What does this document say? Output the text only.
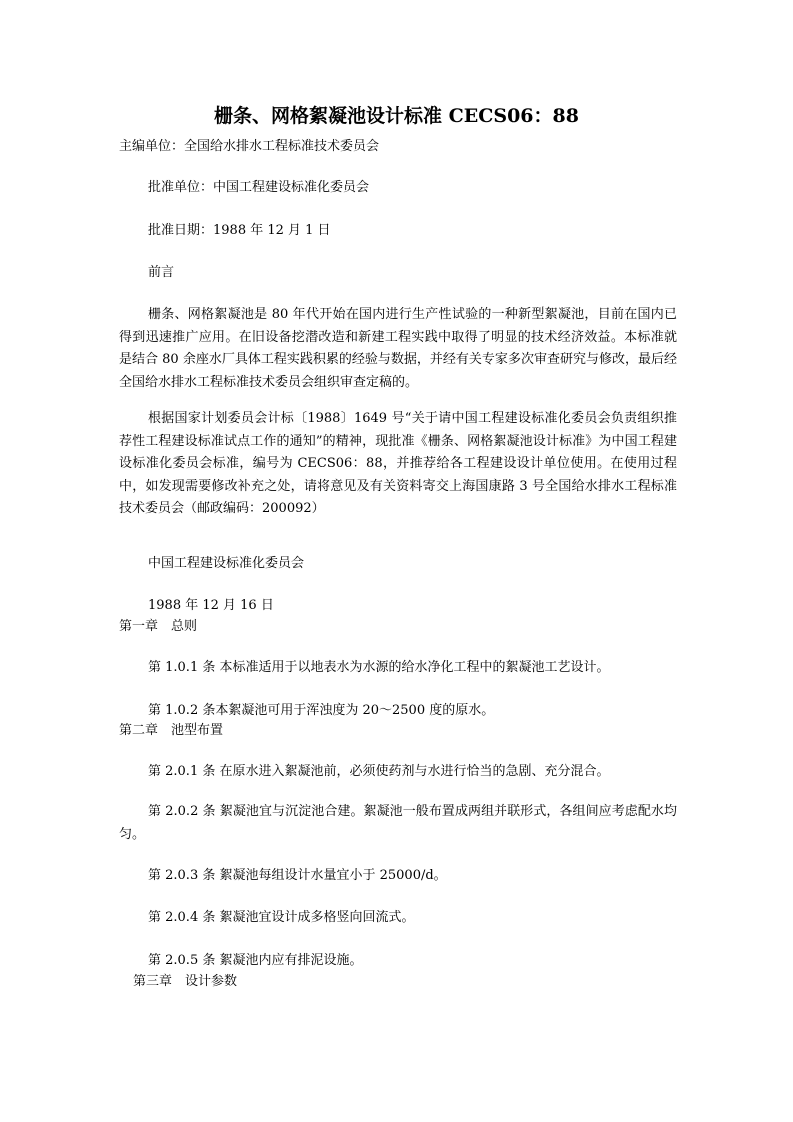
栅条、网格絮凝池设计标准 CECS06：88
主编单位：全国给水排水工程标准技术委员会
批准单位：中国工程建设标准化委员会
批准日期：1988 年 12 月 1 日
前言
栅条、网格絮凝池是 80 年代开始在国内进行生产性试验的一种新型絮凝池，目前在国内已得到迅速推广应用。在旧设备挖潜改造和新建工程实践中取得了明显的技术经济效益。本标准就是结合 80 余座水厂具体工程实践积累的经验与数据，并经有关专家多次审查研究与修改，最后经全国给水排水工程标准技术委员会组织审查定稿的。
根据国家计划委员会计标〔1988〕1649 号“关于请中国工程建设标准化委员会负责组织推荐性工程建设标准试点工作的通知”的精神，现批准《栅条、网格絮凝池设计标准》为中国工程建设标准化委员会标准，编号为 CECS06：88，并推荐给各工程建设设计单位使用。在使用过程中，如发现需要修改补充之处，请将意见及有关资料寄交上海国康路 3 号全国给水排水工程标准技术委员会（邮政编码：200092）
中国工程建设标准化委员会
1988 年 12 月 16 日
第一章　总则
第 1.0.1 条 本标准适用于以地表水为水源的给水净化工程中的絮凝池工艺设计。
第 1.0.2 条本絮凝池可用于浑浊度为 20～2500 度的原水。
第二章　池型布置
第 2.0.1 条 在原水进入絮凝池前，必须使药剂与水进行恰当的急剧、充分混合。
第 2.0.2 条 絮凝池宜与沉淀池合建。絮凝池一般布置成两组并联形式，各组间应考虑配水均匀。
第 2.0.3 条 絮凝池每组设计水量宜小于 25000/d。
第 2.0.4 条 絮凝池宜设计成多格竖向回流式。
第 2.0.5 条 絮凝池内应有排泥设施。
第三章　设计参数
